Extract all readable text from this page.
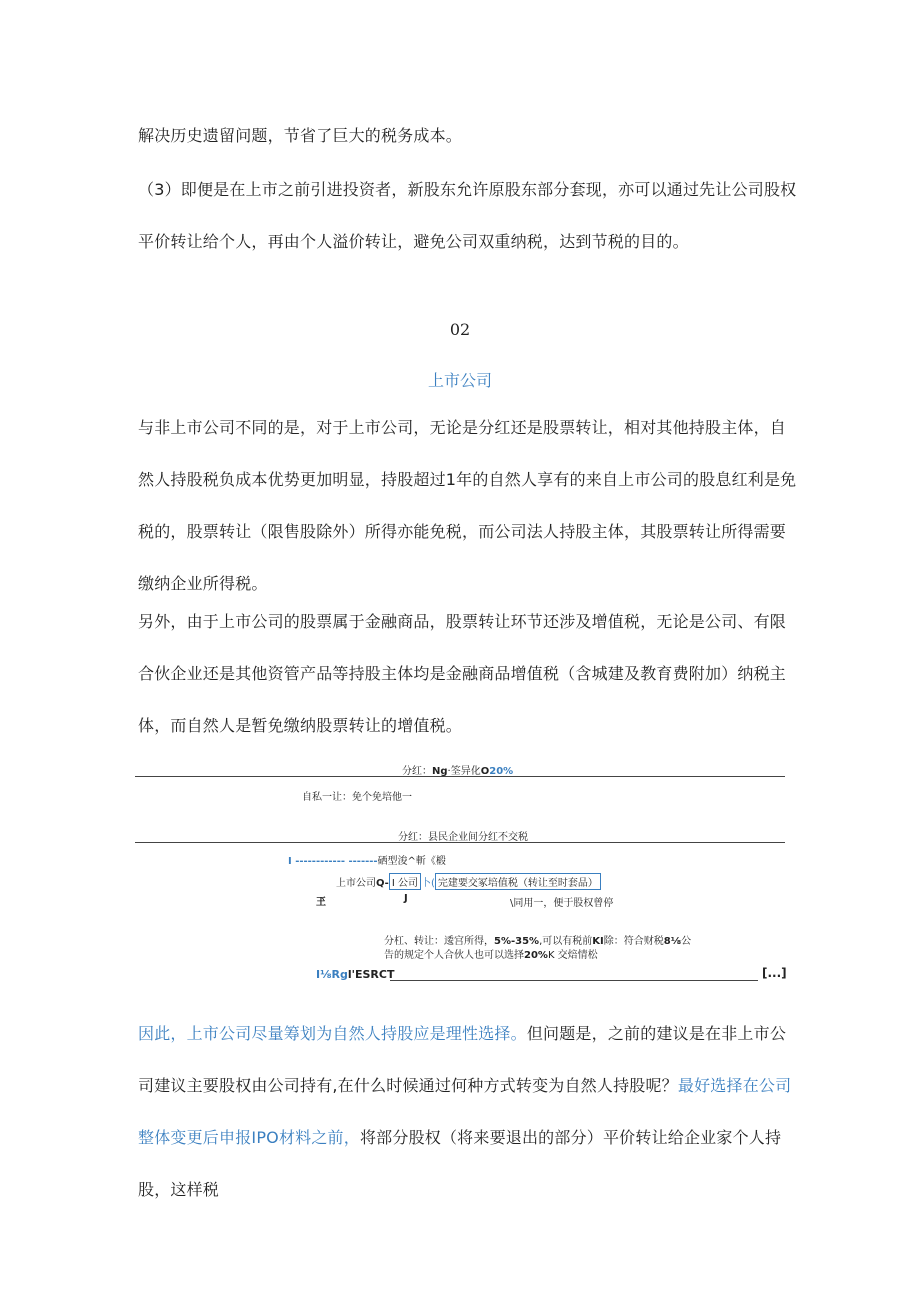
解决历史遗留问题，节省了巨大的税务成本。

（3）即便是在上市之前引进投资者，新股东允许原股东部分套现，亦可以通过先让公司股权平价转让给个人，再由个人溢价转让，避免公司双重纳税，达到节税的目的。

02
上市公司

与非上市公司不同的是，对于上市公司，无论是分红还是股票转让，相对其他持股主体，自然人持股税负成本优势更加明显，持股超过1年的自然人享有的来自上市公司的股息红利是免税的，股票转让（限售股除外）所得亦能免税，而公司法人持股主体，其股票转让所得需要缴纳企业所得税。

另外，由于上市公司的股票属于金融商品，股票转让环节还涉及增值税，无论是公司、有限合伙企业还是其他资管产品等持股主体均是金融商品增值税（含城建及教育费附加）纳税主体，而自然人是暂免缴纳股票转让的增值税。

分红：Ng·筌异化O20%
自私一让：免个免培他一
分红：县民企业间分红不交税
I ------------ -------硒型浚^斬《椴
上市公司Q- I 公司 卜( 完建要交冢培值税（转让至时套品）
玊	J	\同用一，便于股权曾停
分杠、转让：逶宫所得，5%-35%,可以有税前KI除：符合财税8⅛公
告的规定个人合伙人也可以选择20%K 交焙情松
I⅛Rgl'ESRCT	[...]

因此，上市公司尽量筹划为自然人持股应是理性选择。但问题是，之前的建议是在非上市公司建议主要股权由公司持有,在什么时候通过何种方式转变为自然人持股呢？最好选择在公司整体变更后申报IPO材料之前，将部分股权（将来要退出的部分）平价转让给企业家个人持股，这样税
